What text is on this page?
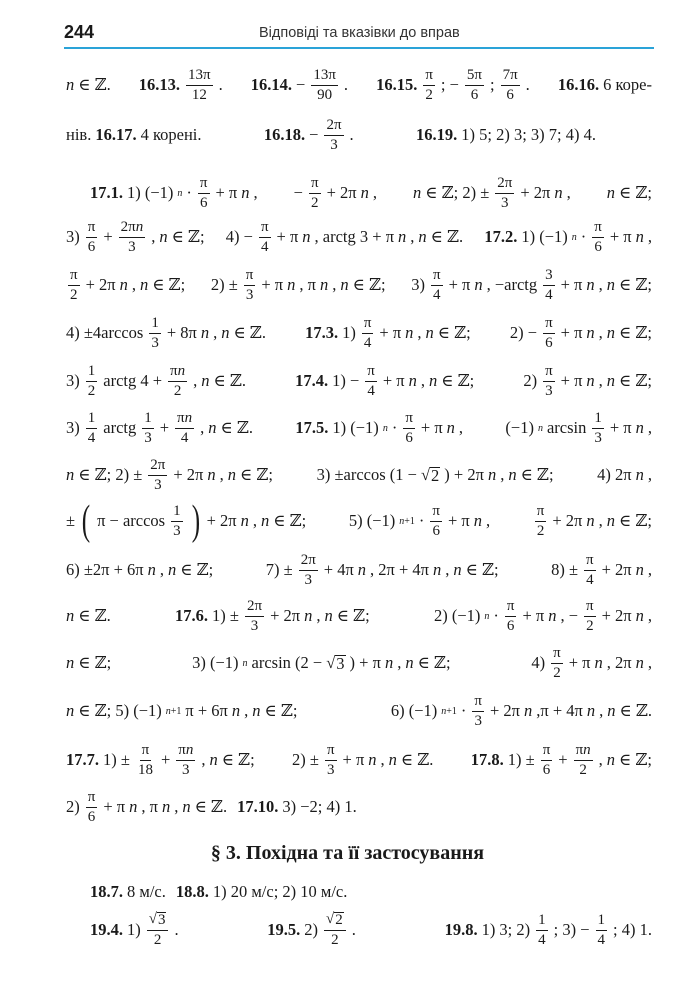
244	Відповіді та вказівки до вправ
n ∈ ℤ. 16.13. $\frac{13\pi}{12}$ . 16.14. − $\frac{13\pi}{90}$ . 16.15. $\frac{\pi}{2}$ ; − $\frac{5\pi}{6}$ ; $\frac{7\pi}{6}$ . 16.16. 6 коре-
нів. 16.17. 4 корені.	16.18. − $\frac{2\pi}{3}$ .	16.19. 1) 5; 2) 3; 3) 7; 4) 4.
17.1. 1) (−1) $n \cdot \frac{\pi}{6} + \pi$ n , − $\frac{\pi}{2} + 2\pi$ n , n ∈ ℤ; $2) \pm \frac{2\pi}{3} + 2\pi$ n , n ∈ ℤ;
$3) \frac{\pi}{6} + \frac{2\pi n}{3}$ , n ∈ ℤ; $4) - \frac{\pi}{4} + \pi$ n , arctg 3 + π n , n ∈ ℤ. 17.2. 1) (−1) $n \cdot \frac{\pi}{6} + \pi$ n ,
$\frac{\pi}{2} + 2\pi$ n , n ∈ ℤ; $2) \pm \frac{\pi}{3} + \pi$ n , π n , n ∈ ℤ; $3) \frac{\pi}{4} + \pi$ n , −arctg $\frac{3}{4} + \pi$ n , n ∈ ℤ;
$4) \pm 4\arccos \frac{1}{3} + 8\pi$ n , n ∈ ℤ. 17.3. $1) \frac{\pi}{4} + \pi$ n , n ∈ ℤ; $2) - \frac{\pi}{6} + \pi$ n , n ∈ ℤ;
$3) \frac{1}{2}$ arctg $4 + \frac{\pi n}{2}$ , n ∈ ℤ.	17.4. $1) - \frac{\pi}{4} + \pi$ n , n ∈ ℤ;	$2) \frac{\pi}{3} + \pi$ n , n ∈ ℤ;
$3) \frac{1}{4}$ arctg $\frac{1}{3} + \frac{\pi n}{4}$ , n ∈ ℤ.	17.5. 1) (−1) $n \cdot \frac{\pi}{6} + \pi$ n ,	(−1) n $\arcsin \frac{1}{3} + \pi$ n ,
n ∈ ℤ; $2) \pm \frac{2\pi}{3} + 2\pi$ n , n ∈ ℤ;	3) ±arccos (1 − √ 2 ) + 2π n , n ∈ ℤ;	4) 2π n ,
± ( $\pi - \arccos \frac{1}{3}$ ) + 2π n , n ∈ ℤ;	5) (−1) $n+1 \cdot \frac{\pi}{6} + \pi$ n ,	$\frac{\pi}{2} + 2\pi$ n , n ∈ ℤ;
6) ±2π + 6π n , n ∈ ℤ;	$7) \pm \frac{2\pi}{3} + 4\pi$ n , 2π + 4π n , n ∈ ℤ;	$8) \pm \frac{\pi}{4} + 2\pi$ n ,
n ∈ ℤ.	17.6. $1) \pm \frac{2\pi}{3} + 2\pi$ n , n ∈ ℤ;	2) (−1) $n \cdot \frac{\pi}{6} + \pi$ n , − $\frac{\pi}{2} + 2\pi$ n ,
n ∈ ℤ;	3) (−1) n arcsin (2 − √ 3 ) + π n , n ∈ ℤ;	$4) \frac{\pi}{2} + \pi$ n , 2π n ,
n ∈ ℤ; 5) (−1) n+1 π + 6π n , n ∈ ℤ;	6) (−1) $n+1 \cdot \frac{\pi}{3} + 2\pi$ n ,π + 4π n , n ∈ ℤ.
17.7. $1) \pm \frac{\pi}{18} + \frac{\pi n}{3}$ , n ∈ ℤ; $2) \pm \frac{\pi}{3} + \pi$ n , n ∈ ℤ. 17.8. $1) \pm \frac{\pi}{6} + \frac{\pi n}{2}$ , n ∈ ℤ;
$2) \frac{\pi}{6} + \pi$ n , π n , n ∈ ℤ. 17.10. 3) −2; 4) 1.
§ 3. Похідна та її застосування
18.7. 8 м/с. 18.8. 1) 20 м/с; 2) 10 м/с.
19.4. $1) \frac{√ 3}{2}$ .	19.5. $2) \frac{√ 2}{2}$ .	19.8. 1) 3; $2) \frac{1}{4}$ ; $3) - \frac{1}{4}$ ; 4) 1.
